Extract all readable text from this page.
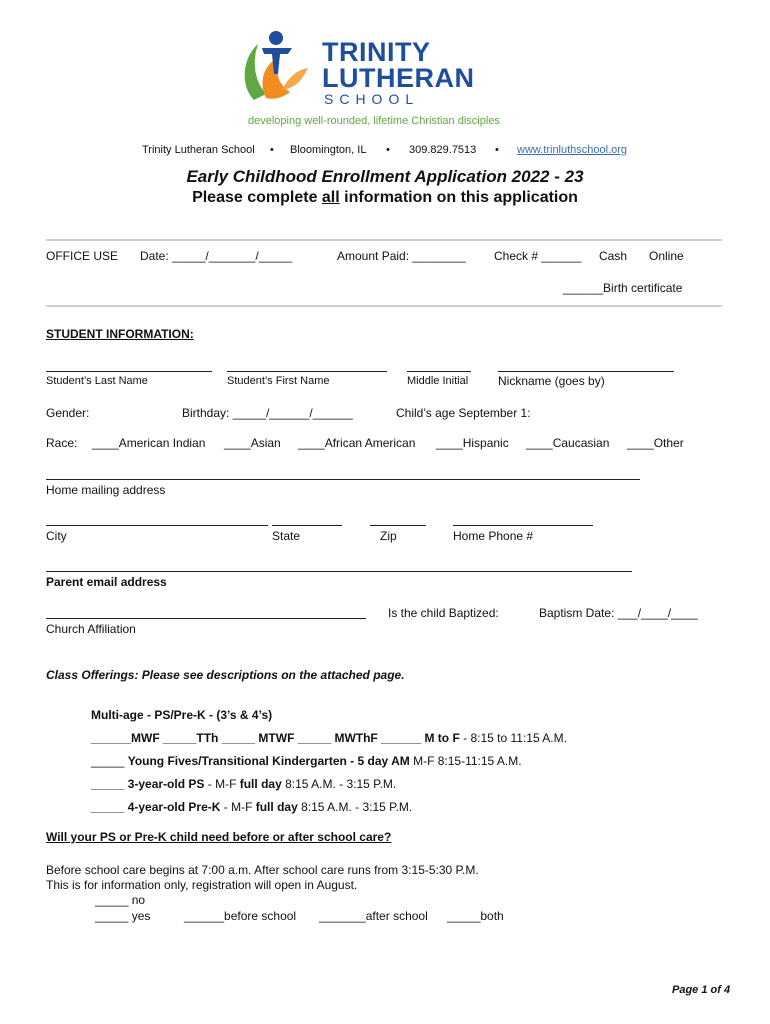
TRINITY
LUTHERAN
SCHOOL
developing well-rounded, lifetime Christian disciples
Trinity Lutheran School • Bloomington, IL • 309.829.7513 • www.trinluthschool.org
Early Childhood Enrollment Application 2022 - 23
Please complete all information on this application
OFFICE USE Date: _____/_______/_____	Amount Paid: ________ Check # ______ Cash Online
______Birth certificate
STUDENT INFORMATION:
Student’s Last Name	Student’s First Name	Middle Initial Nickname (goes by)
Gender:	Birthday: _____/______/______	Child’s age September 1:
Race: ____American Indian ____Asian ____African American ____Hispanic ____Caucasian ____Other
Home mailing address
City	State	Zip	Home Phone #
Parent email address
Is the child Baptized:	Baptism Date: ___/____/____
Church Affiliation
Class Offerings: Please see descriptions on the attached page.
Multi-age - PS/Pre-K - (3’s & 4’s)
______MWF _____TTh _____ MTWF _____ MWThF ______ M to F - 8:15 to 11:15 A.M.
_____ Young Fives/Transitional Kindergarten - 5 day AM M-F 8:15-11:15 A.M.
_____ 3-year-old PS - M-F full day 8:15 A.M. - 3:15 P.M.
_____ 4-year-old Pre-K - M-F full day 8:15 A.M. - 3:15 P.M.
Will your PS or Pre-K child need before or after school care?
Before school care begins at 7:00 a.m. After school care runs from 3:15-5:30 P.M.
This is for information only, registration will open in August.
_____ no
_____ yes	______before school _______after school _____both
Page 1 of 4
